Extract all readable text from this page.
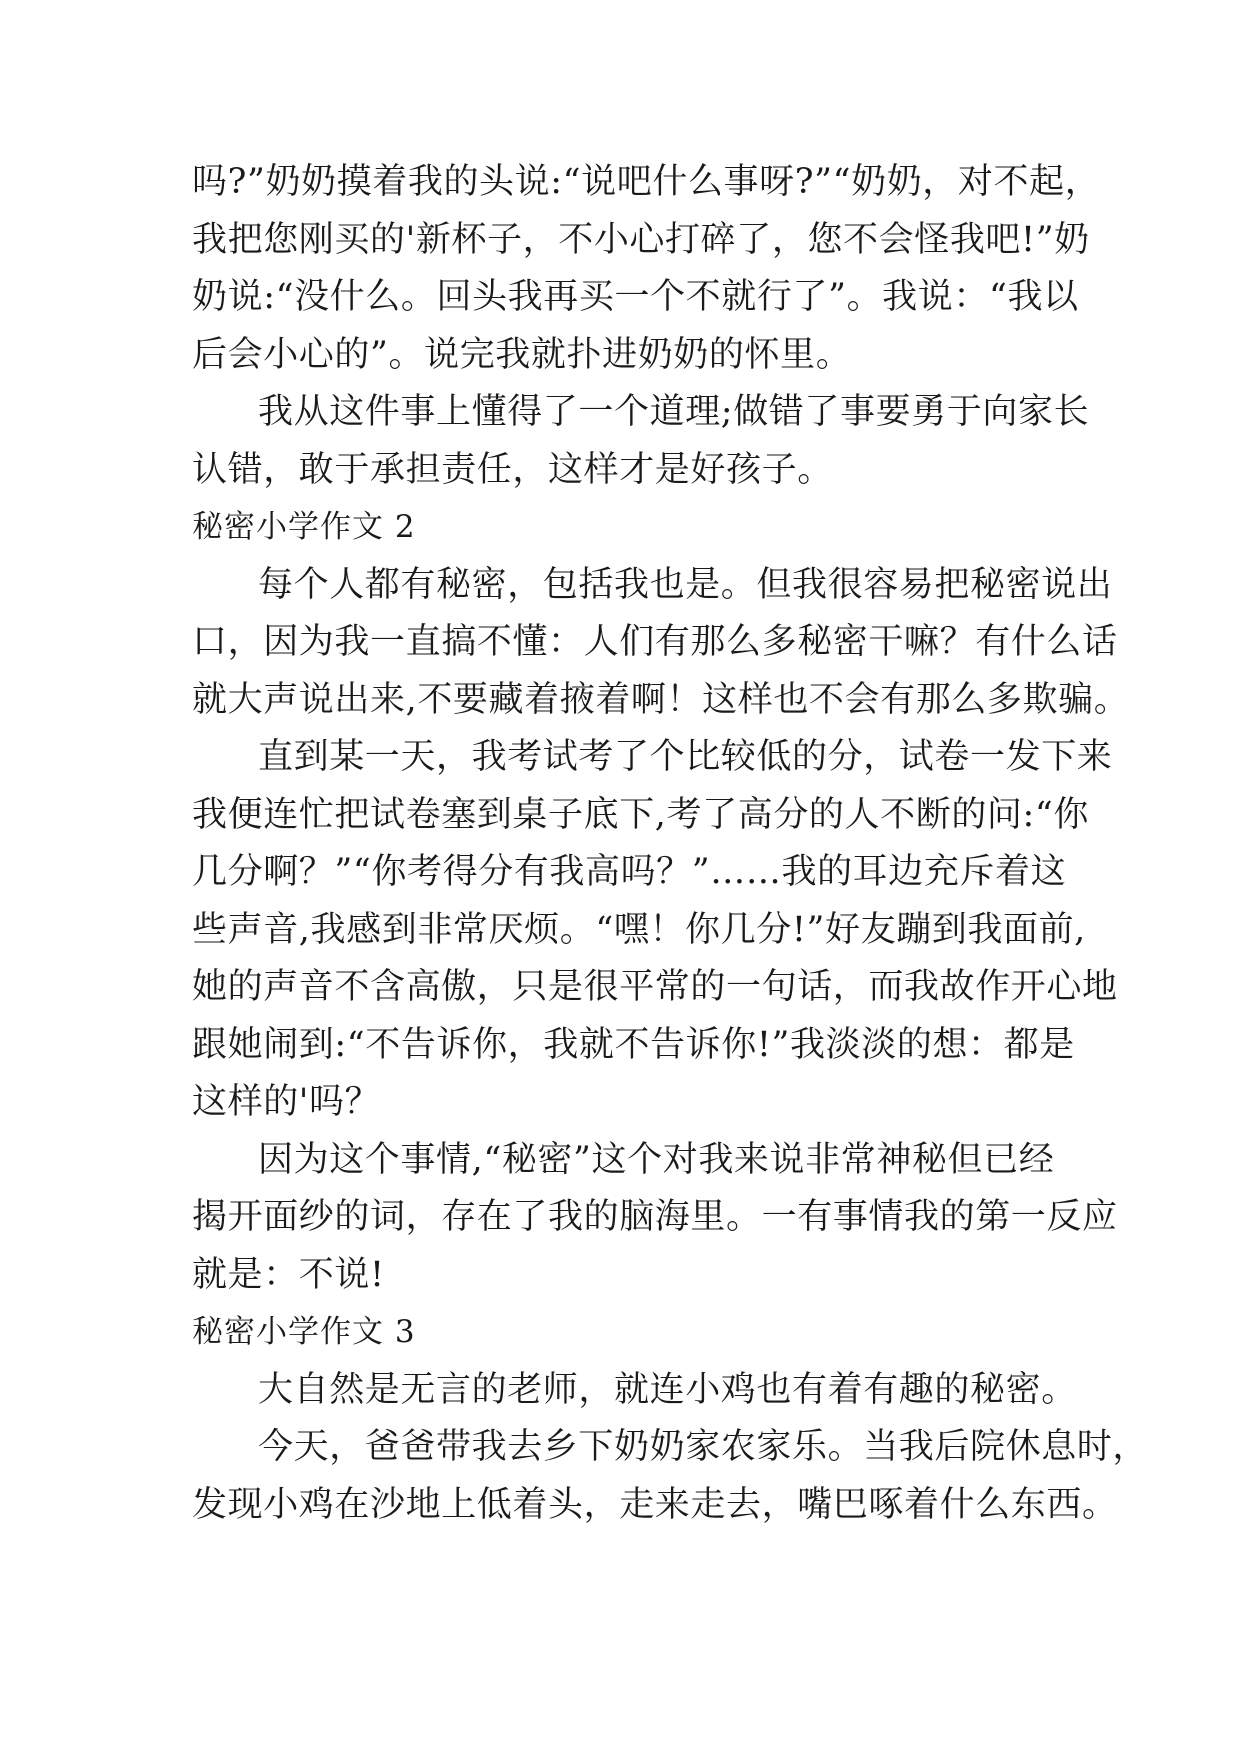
吗?”奶奶摸着我的头说:“说吧什么事呀?”“奶奶，对不起，
我把您刚买的'新杯子，不小心打碎了，您不会怪我吧!”奶
奶说:“没什么。回头我再买一个不就行了”。我说：“我以
后会小心的”。说完我就扑进奶奶的怀里。
我从这件事上懂得了一个道理;做错了事要勇于向家长
认错，敢于承担责任，这样才是好孩子。
秘密小学作文 2
每个人都有秘密，包括我也是。但我很容易把秘密说出
口，因为我一直搞不懂：人们有那么多秘密干嘛？有什么话
就大声说出来,不要藏着掖着啊！这样也不会有那么多欺骗。
直到某一天，我考试考了个比较低的分，试卷一发下来
我便连忙把试卷塞到桌子底下,考了高分的人不断的问:“你
几分啊？”“你考得分有我高吗？”……我的耳边充斥着这
些声音,我感到非常厌烦。“嘿！你几分!”好友蹦到我面前,
她的声音不含高傲，只是很平常的一句话，而我故作开心地
跟她闹到:“不告诉你，我就不告诉你!”我淡淡的想：都是
这样的'吗？
因为这个事情,“秘密”这个对我来说非常神秘但已经
揭开面纱的词，存在了我的脑海里。一有事情我的第一反应
就是：不说!
秘密小学作文 3
大自然是无言的老师，就连小鸡也有着有趣的秘密。
今天，爸爸带我去乡下奶奶家农家乐。当我后院休息时，
发现小鸡在沙地上低着头，走来走去，嘴巴啄着什么东西。
